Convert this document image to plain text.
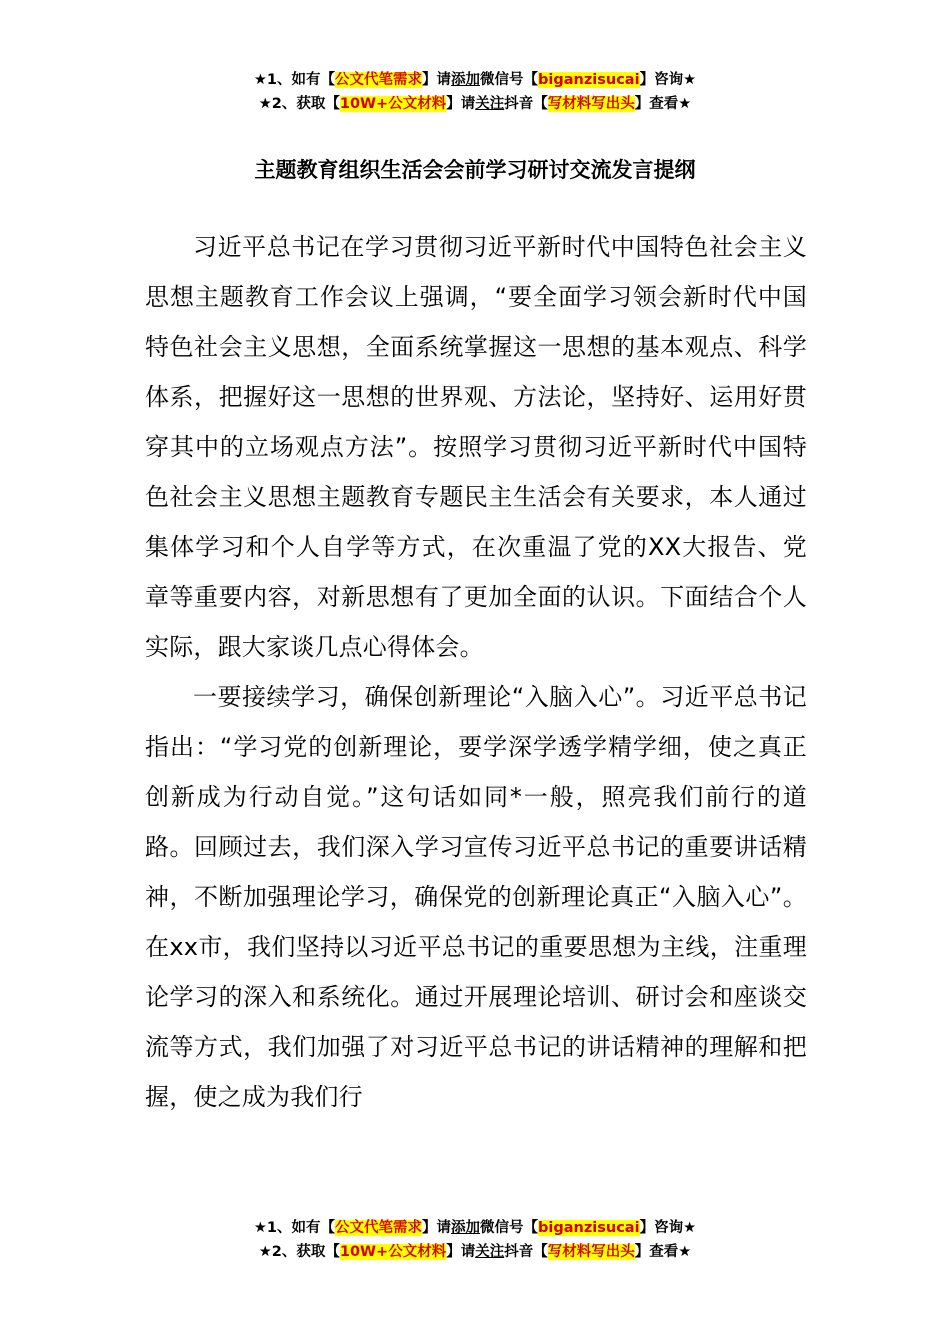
★1、如有【公文代笔需求】请添加微信号【biganzisucai】咨询★
★2、获取【10W+公文材料】请关注抖音【写材料写出头】查看★
主题教育组织生活会会前学习研讨交流发言提纲

习近平总书记在学习贯彻习近平新时代中国特色社会主义思想主题教育工作会议上强调，“要全面学习领会新时代中国特色社会主义思想，全面系统掌握这一思想的基本观点、科学体系，把握好这一思想的世界观、方法论，坚持好、运用好贯穿其中的立场观点方法”。按照学习贯彻习近平新时代中国特色社会主义思想主题教育专题民主生活会有关要求，本人通过集体学习和个人自学等方式，在次重温了党的XX大报告、党章等重要内容，对新思想有了更加全面的认识。下面结合个人实际，跟大家谈几点心得体会。

一要接续学习，确保创新理论“入脑入心”。习近平总书记指出：“学习党的创新理论，要学深学透学精学细，使之真正创新成为行动自觉。”这句话如同*一般，照亮我们前行的道路。回顾过去，我们深入学习宣传习近平总书记的重要讲话精神，不断加强理论学习，确保党的创新理论真正“入脑入心”。在xx市，我们坚持以习近平总书记的重要思想为主线，注重理论学习的深入和系统化。通过开展理论培训、研讨会和座谈交流等方式，我们加强了对习近平总书记的讲话精神的理解和把握，使之成为我们行

★1、如有【公文代笔需求】请添加微信号【biganzisucai】咨询★
★2、获取【10W+公文材料】请关注抖音【写材料写出头】查看★
